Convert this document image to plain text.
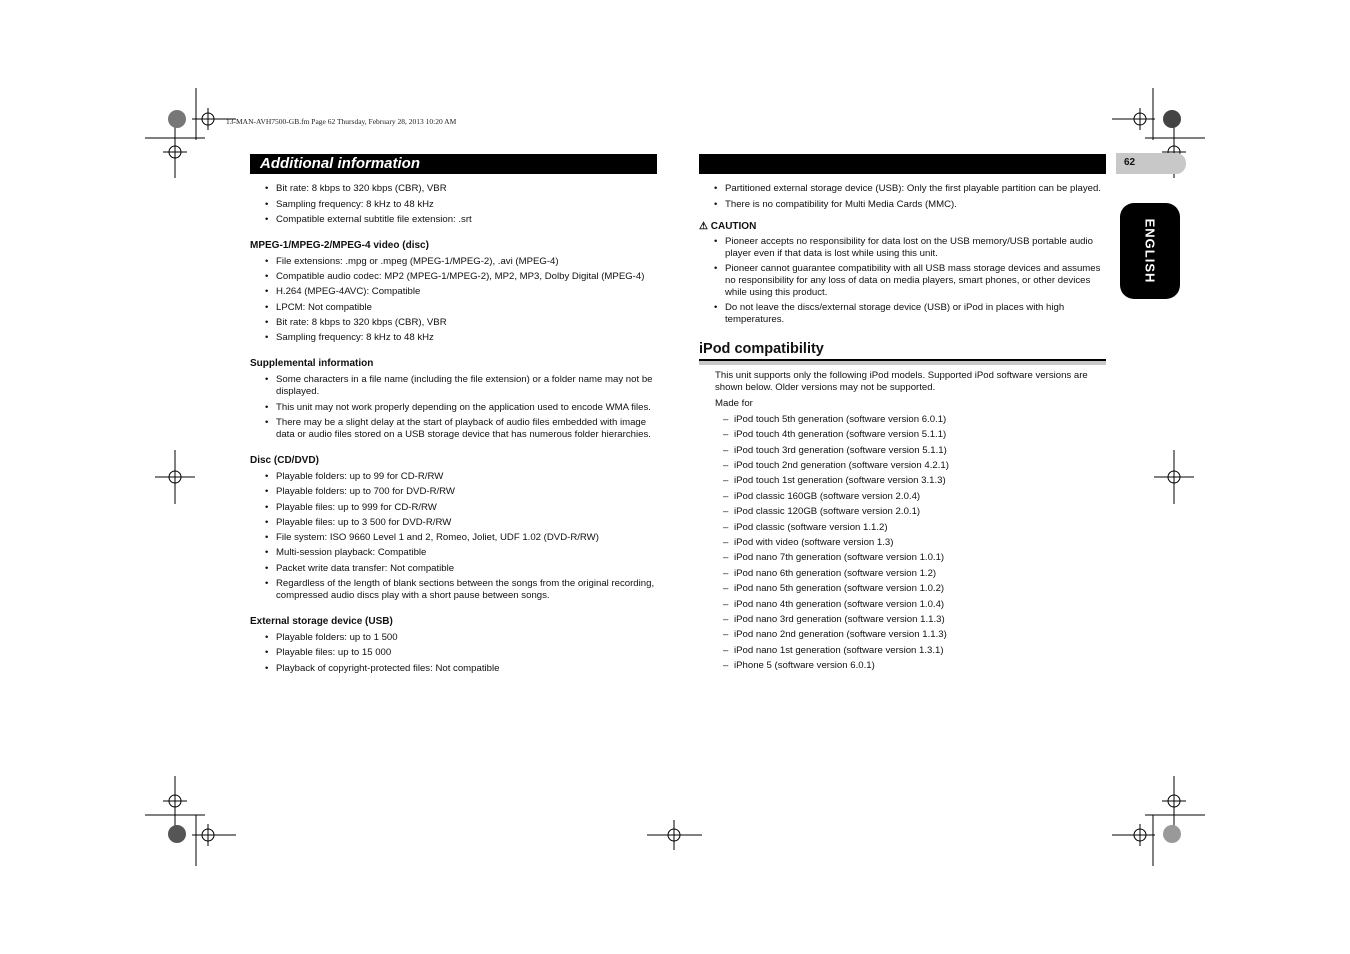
13-MAN-AVH7500-GB.fm Page 62 Thursday, February 28, 2013 10:20 AM
Additional information	62
ENGLISH
• Bit rate: 8 kbps to 320 kbps (CBR), VBR
• Sampling frequency: 8 kHz to 48 kHz
• Compatible external subtitle file extension: .srt
MPEG-1/MPEG-2/MPEG-4 video (disc)
• File extensions: .mpg or .mpeg (MPEG-1/MPEG-2), .avi (MPEG-4)
• Compatible audio codec: MP2 (MPEG-1/MPEG-2), MP2, MP3, Dolby Digital (MPEG-4)
• H.264 (MPEG-4AVC): Compatible
• LPCM: Not compatible
• Bit rate: 8 kbps to 320 kbps (CBR), VBR
• Sampling frequency: 8 kHz to 48 kHz
Supplemental information
• Some characters in a file name (including the file extension) or a folder name may not be displayed.
• This unit may not work properly depending on the application used to encode WMA files.
• There may be a slight delay at the start of playback of audio files embedded with image data or audio files stored on a USB storage device that has numerous folder hierarchies.
Disc (CD/DVD)
• Playable folders: up to 99 for CD-R/RW
• Playable folders: up to 700 for DVD-R/RW
• Playable files: up to 999 for CD-R/RW
• Playable files: up to 3 500 for DVD-R/RW
• File system: ISO 9660 Level 1 and 2, Romeo, Joliet, UDF 1.02 (DVD-R/RW)
• Multi-session playback: Compatible
• Packet write data transfer: Not compatible
• Regardless of the length of blank sections between the songs from the original recording, compressed audio discs play with a short pause between songs.
External storage device (USB)
• Playable folders: up to 1 500
• Playable files: up to 15 000
• Playback of copyright-protected files: Not compatible
• Partitioned external storage device (USB): Only the first playable partition can be played.
• There is no compatibility for Multi Media Cards (MMC).
⚠ CAUTION
• Pioneer accepts no responsibility for data lost on the USB memory/USB portable audio player even if that data is lost while using this unit.
• Pioneer cannot guarantee compatibility with all USB mass storage devices and assumes no responsibility for any loss of data on media players, smart phones, or other devices while using this product.
• Do not leave the discs/external storage device (USB) or iPod in places with high temperatures.
iPod compatibility

This unit supports only the following iPod models. Supported iPod software versions are shown below. Older versions may not be supported.

Made for

– iPod touch 5th generation (software version 6.0.1)
– iPod touch 4th generation (software version 5.1.1)
– iPod touch 3rd generation (software version 5.1.1)
– iPod touch 2nd generation (software version 4.2.1)
– iPod touch 1st generation (software version 3.1.3)
– iPod classic 160GB (software version 2.0.4)
– iPod classic 120GB (software version 2.0.1)
– iPod classic (software version 1.1.2)
– iPod with video (software version 1.3)
– iPod nano 7th generation (software version 1.0.1)
– iPod nano 6th generation (software version 1.2)
– iPod nano 5th generation (software version 1.0.2)
– iPod nano 4th generation (software version 1.0.4)
– iPod nano 3rd generation (software version 1.1.3)
– iPod nano 2nd generation (software version 1.1.3)
– iPod nano 1st generation (software version 1.3.1)
– iPhone 5 (software version 6.0.1)
